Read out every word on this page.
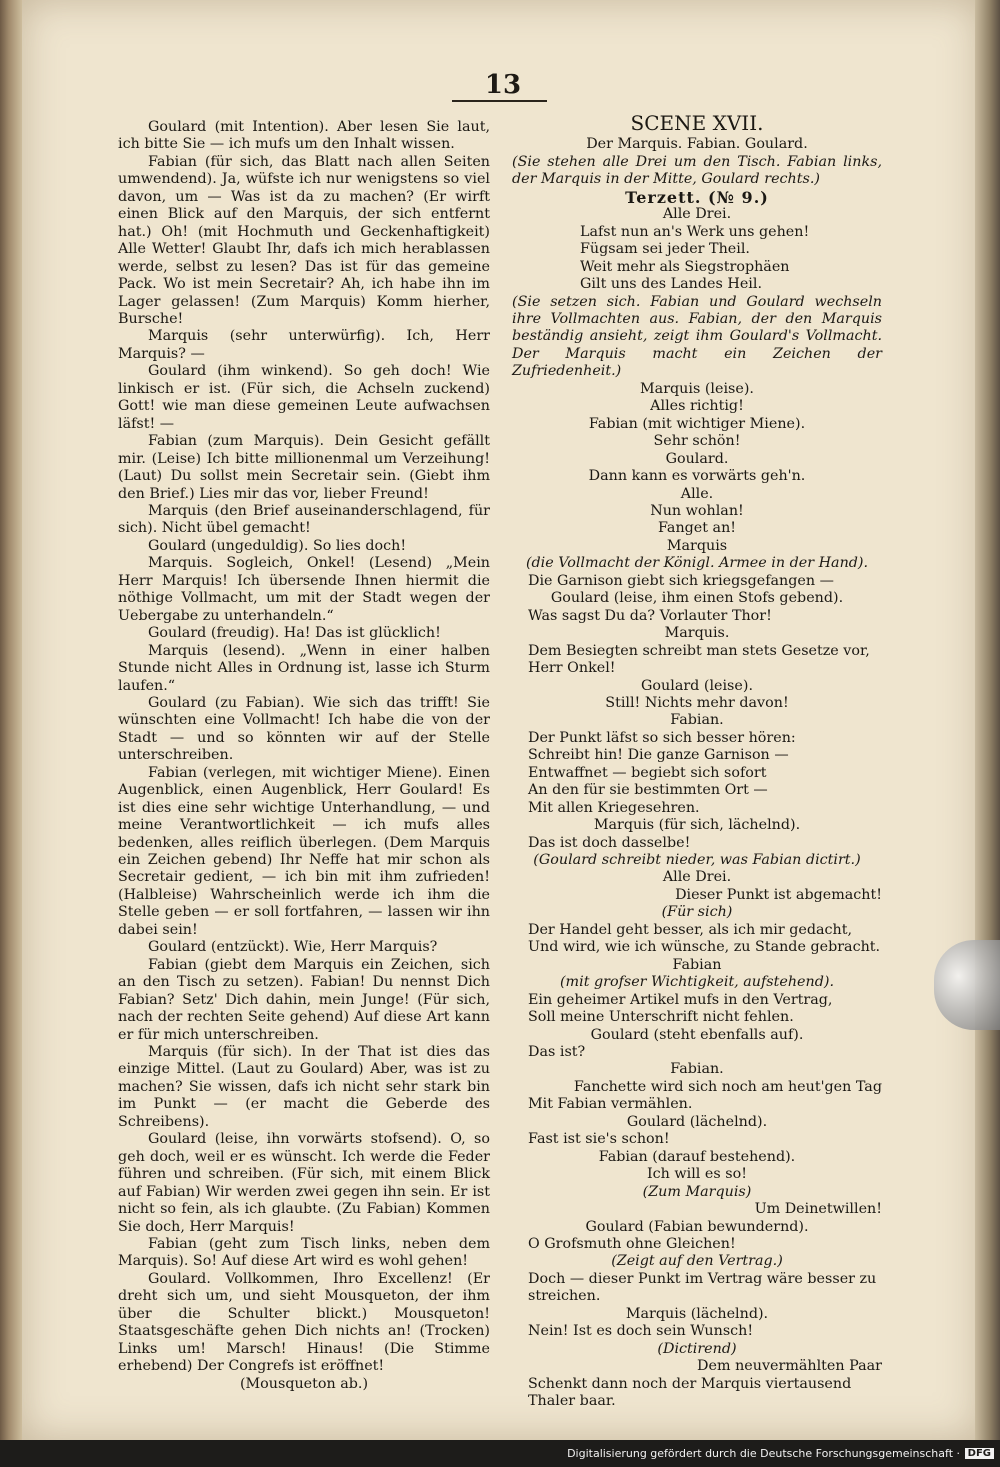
13

Goulard (mit Intention). Aber lesen Sie laut, ich bitte Sie — ich mufs um den Inhalt wissen.

Fabian (für sich, das Blatt nach allen Seiten umwendend). Ja, wüfste ich nur wenigstens so viel davon, um — Was ist da zu machen? (Er wirft einen Blick auf den Marquis, der sich entfernt hat.) Oh! (mit Hochmuth und Geckenhaftigkeit) Alle Wetter! Glaubt Ihr, dafs ich mich herablassen werde, selbst zu lesen? Das ist für das gemeine Pack. Wo ist mein Secretair? Ah, ich habe ihn im Lager gelassen! (Zum Marquis) Komm hierher, Bursche!

Marquis (sehr unterwürfig). Ich, Herr Marquis? —

Goulard (ihm winkend). So geh doch! Wie linkisch er ist. (Für sich, die Achseln zuckend) Gott! wie man diese gemeinen Leute aufwachsen läfst! —

Fabian (zum Marquis). Dein Gesicht gefällt mir. (Leise) Ich bitte millionenmal um Verzeihung! (Laut) Du sollst mein Secretair sein. (Giebt ihm den Brief.) Lies mir das vor, lieber Freund!

Marquis (den Brief auseinanderschlagend, für sich). Nicht übel gemacht!

Goulard (ungeduldig). So lies doch!

Marquis. Sogleich, Onkel! (Lesend) „Mein Herr Marquis! Ich übersende Ihnen hiermit die nöthige Vollmacht, um mit der Stadt wegen der Uebergabe zu unterhandeln.“

Goulard (freudig). Ha! Das ist glücklich!

Marquis (lesend). „Wenn in einer halben Stunde nicht Alles in Ordnung ist, lasse ich Sturm laufen.“

Goulard (zu Fabian). Wie sich das trifft! Sie wünschten eine Vollmacht! Ich habe die von der Stadt — und so könnten wir auf der Stelle unterschreiben.

Fabian (verlegen, mit wichtiger Miene). Einen Augenblick, einen Augenblick, Herr Goulard! Es ist dies eine sehr wichtige Unterhandlung, — und meine Verantwortlichkeit — ich mufs alles bedenken, alles reiflich überlegen. (Dem Marquis ein Zeichen gebend) Ihr Neffe hat mir schon als Secretair gedient, — ich bin mit ihm zufrieden! (Halbleise) Wahrscheinlich werde ich ihm die Stelle geben — er soll fortfahren, — lassen wir ihn dabei sein!

Goulard (entzückt). Wie, Herr Marquis?

Fabian (giebt dem Marquis ein Zeichen, sich an den Tisch zu setzen). Fabian! Du nennst Dich Fabian? Setz' Dich dahin, mein Junge! (Für sich, nach der rechten Seite gehend) Auf diese Art kann er für mich unterschreiben.

Marquis (für sich). In der That ist dies das einzige Mittel. (Laut zu Goulard) Aber, was ist zu machen? Sie wissen, dafs ich nicht sehr stark bin im Punkt — (er macht die Geberde des Schreibens).

Goulard (leise, ihn vorwärts stofsend). O, so geh doch, weil er es wünscht. Ich werde die Feder führen und schreiben. (Für sich, mit einem Blick auf Fabian) Wir werden zwei gegen ihn sein. Er ist nicht so fein, als ich glaubte. (Zu Fabian) Kommen Sie doch, Herr Marquis!

Fabian (geht zum Tisch links, neben dem Marquis). So! Auf diese Art wird es wohl gehen!

Goulard. Vollkommen, Ihro Excellenz! (Er dreht sich um, und sieht Mousqueton, der ihm über die Schulter blickt.) Mousqueton! Staatsgeschäfte gehen Dich nichts an! (Trocken) Links um! Marsch! Hinaus! (Die Stimme erhebend) Der Congrefs ist eröffnet!

(Mousqueton ab.)

SCENE XVII.

Der Marquis. Fabian. Goulard.

(Sie stehen alle Drei um den Tisch. Fabian links, der Marquis in der Mitte, Goulard rechts.)

Terzett. (№ 9.)

Alle Drei.

Lafst nun an's Werk uns gehen!

Fügsam sei jeder Theil.

Weit mehr als Siegstrophäen

Gilt uns des Landes Heil.

(Sie setzen sich. Fabian und Goulard wechseln ihre Vollmachten aus. Fabian, der den Marquis beständig ansieht, zeigt ihm Goulard's Vollmacht. Der Marquis macht ein Zeichen der Zufriedenheit.)

Marquis (leise).

Alles richtig!

Fabian (mit wichtiger Miene).

Sehr schön!

Goulard.

Dann kann es vorwärts geh'n.

Alle.

Nun wohlan!

Fanget an!

Marquis

(die Vollmacht der Königl. Armee in der Hand).

Die Garnison giebt sich kriegsgefangen —

Goulard (leise, ihm einen Stofs gebend).

Was sagst Du da? Vorlauter Thor!

Marquis.

Dem Besiegten schreibt man stets Gesetze vor, Herr Onkel!

Goulard (leise).

Still! Nichts mehr davon!

Fabian.

Der Punkt läfst so sich besser hören:

Schreibt hin! Die ganze Garnison —

Entwaffnet — begiebt sich sofort

An den für sie bestimmten Ort —

Mit allen Kriegesehren.

Marquis (für sich, lächelnd).

Das ist doch dasselbe!

(Goulard schreibt nieder, was Fabian dictirt.)

Alle Drei.

Dieser Punkt ist abgemacht!

(Für sich)

Der Handel geht besser, als ich mir gedacht,

Und wird, wie ich wünsche, zu Stande gebracht.

Fabian

(mit grofser Wichtigkeit, aufstehend).

Ein geheimer Artikel mufs in den Vertrag,

Soll meine Unterschrift nicht fehlen.

Goulard (steht ebenfalls auf).

Das ist?

Fabian.

Fanchette wird sich noch am heut'gen Tag

Mit Fabian vermählen.

Goulard (lächelnd).

Fast ist sie's schon!

Fabian (darauf bestehend).

Ich will es so!

(Zum Marquis)

Um Deinetwillen!

Goulard (Fabian bewundernd).

O Grofsmuth ohne Gleichen!

(Zeigt auf den Vertrag.)

Doch — dieser Punkt im Vertrag wäre besser zu streichen.

Marquis (lächelnd).

Nein! Ist es doch sein Wunsch!

(Dictirend)

Dem neuvermählten Paar

Schenkt dann noch der Marquis viertausend Thaler baar.

Digitalisierung gefördert durch die Deutsche Forschungsgemeinschaft · DFG
